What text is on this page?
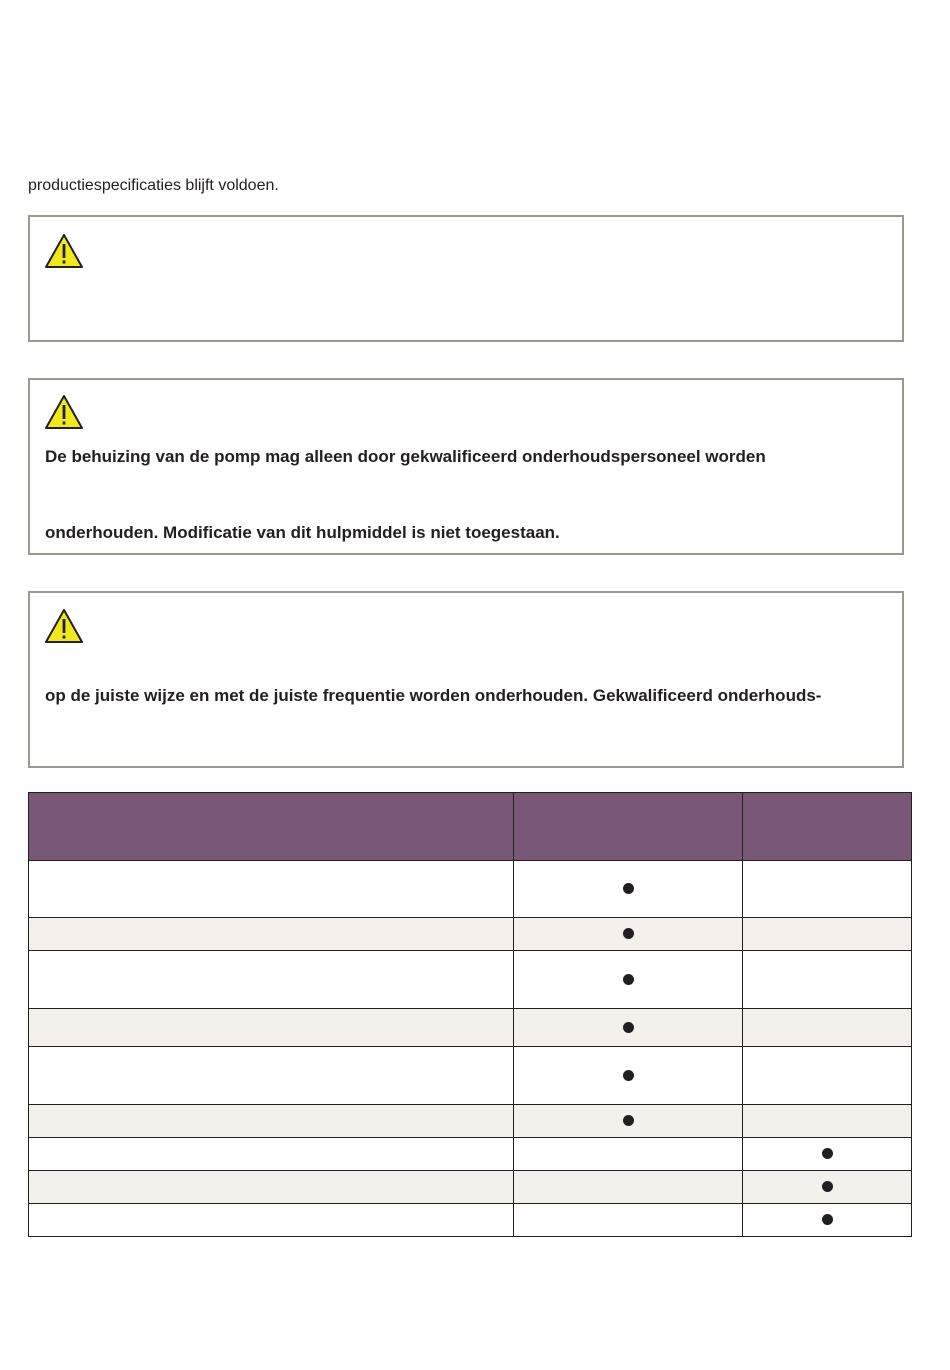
productiespecificaties blijft voldoen.

De behuizing van de pomp mag alleen door gekwalificeerd onderhoudspersoneel worden

onderhouden. Modificatie van dit hulpmiddel is niet toegestaan.

op de juiste wijze en met de juiste frequentie worden onderhouden. Gekwalificeerd onderhouds-
